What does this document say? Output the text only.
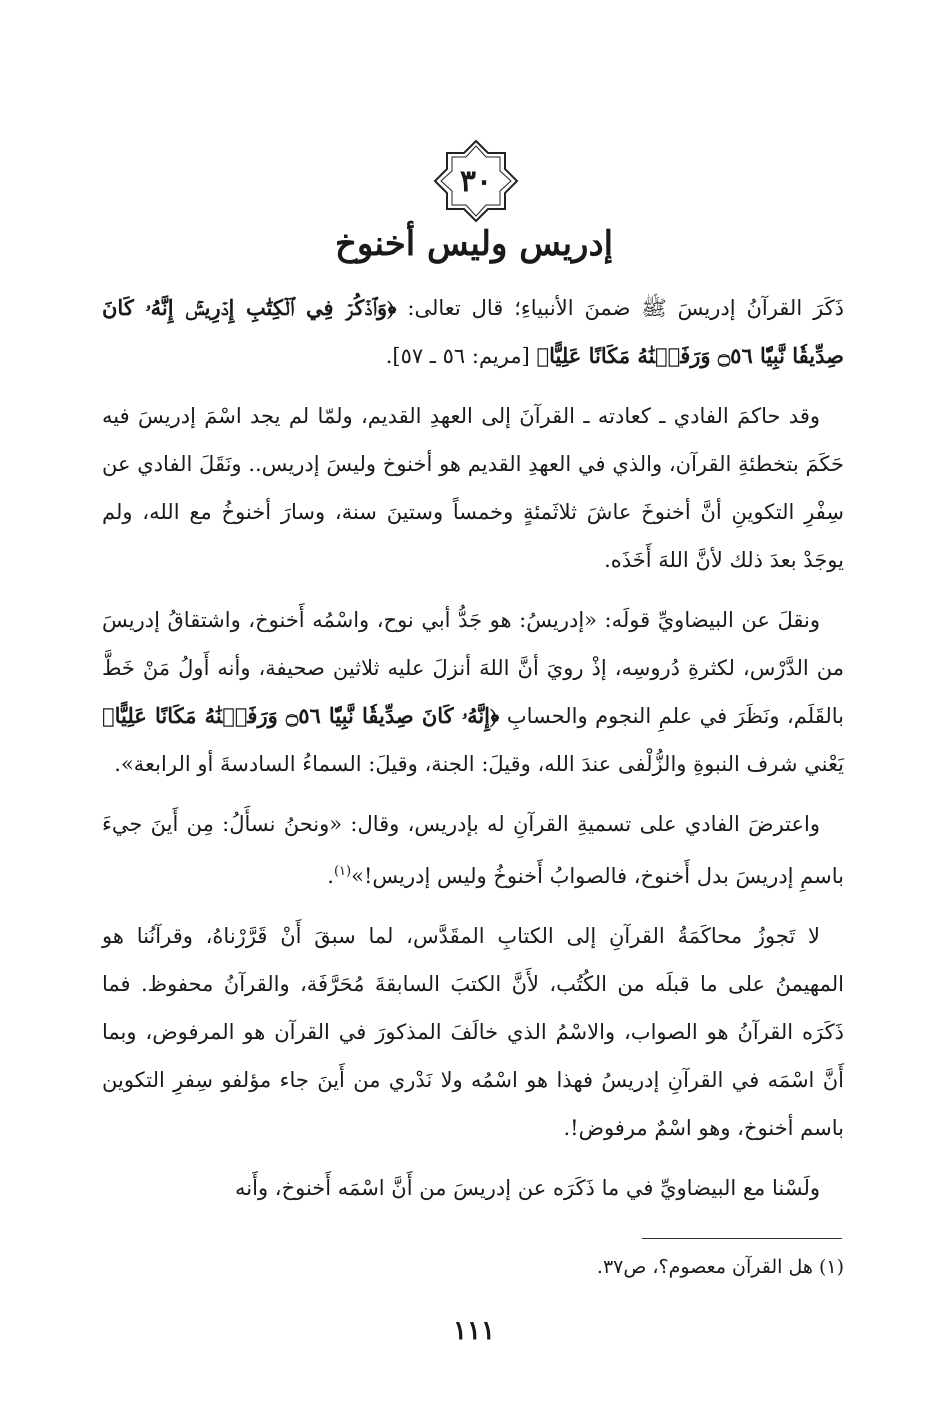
٣٠
إدريس وليس أخنوخ
ذَكَرَ القرآنُ إدريسَ ﷺ ضمنَ الأنبياءِ؛ قال تعالى: ﴿وَٱذۡكُرۡ فِي ٱلۡكِتَٰبِ إِدۡرِيسَۚ إِنَّهُۥ كَانَ صِدِّيقٗا نَّبِيّٗا ۝٥٦ وَرَفَعۡنَٰهُ مَكَانًا عَلِيًّا﴾ [مريم: ٥٦ ـ ٥٧].
وقد حاكمَ الفادي ـ كعادته ـ القرآنَ إلى العهدِ القديم، ولمّا لم يجد اسْمَ إدريسَ فيه حَكَمَ بتخطئةِ القرآن، والذي في العهدِ القديم هو أخنوخ وليسَ إدريس.. ونَقَلَ الفادي عن سِفْرِ التكوينِ أنَّ أخنوخَ عاشَ ثلاثَمئةٍ وخمساً وستينَ سنة، وسارَ أخنوخُ مع الله، ولم يوجَدْ بعدَ ذلك لأنَّ اللهَ أَخَذَه.
ونقلَ عن البيضاويِّ قولَه: «إدريسُ: هو جَدُّ أبي نوح، واسْمُه أَخنوخ، واشتقاقُ إدريسَ من الدَّرْس، لكثرةِ دُروسِه، إذْ رويَ أنَّ اللهَ أنزلَ عليه ثلاثين صحيفة، وأنه أَولُ مَنْ خَطَّ بالقَلَم، ونَظَرَ في علمِ النجوم والحسابِ ﴿إِنَّهُۥ كَانَ صِدِّيقٗا نَّبِيّٗا ۝٥٦ وَرَفَعۡنَٰهُ مَكَانًا عَلِيًّا﴾ يَعْني شرف النبوةِ والزُّلْفى عندَ الله، وقيلَ: الجنة، وقيلَ: السماءُ السادسةَ أو الرابعة».
واعترضَ الفادي على تسميةِ القرآنِ له بإدريس، وقال: «ونحنُ نسأَلُ: مِن أَينَ جيءَ باسمِ إدريسَ بدل أَخنوخ، فالصوابُ أَخنوخُ وليس إدريس!»$^{(١)}$.
لا تَجوزُ محاكَمَةُ القرآنِ إلى الكتابِ المقَدَّس، لما سبقَ أَنْ قَرَّرْناهُ، وقرآنُنا هو المهيمنُ على ما قبلَه من الكُتُب، لأَنَّ الكتبَ السابقةَ مُحَرَّفَة، والقرآنُ محفوظ. فما ذَكَرَه القرآنُ هو الصواب، والاسْمُ الذي خالَفَ المذكورَ في القرآن هو المرفوض، وبما أَنَّ اسْمَه في القرآنِ إدريسُ فهذا هو اسْمُه ولا نَدْري من أَينَ جاء مؤلفو سِفرِ التكوين باسم أخنوخ، وهو اسْمٌ مرفوض!.
ولَسْنا مع البيضاويِّ في ما ذَكَرَه عن إدريسَ من أَنَّ اسْمَه أَخنوخ، وأَنه
(١) هل القرآن معصوم؟، ص٣٧.
١١١
